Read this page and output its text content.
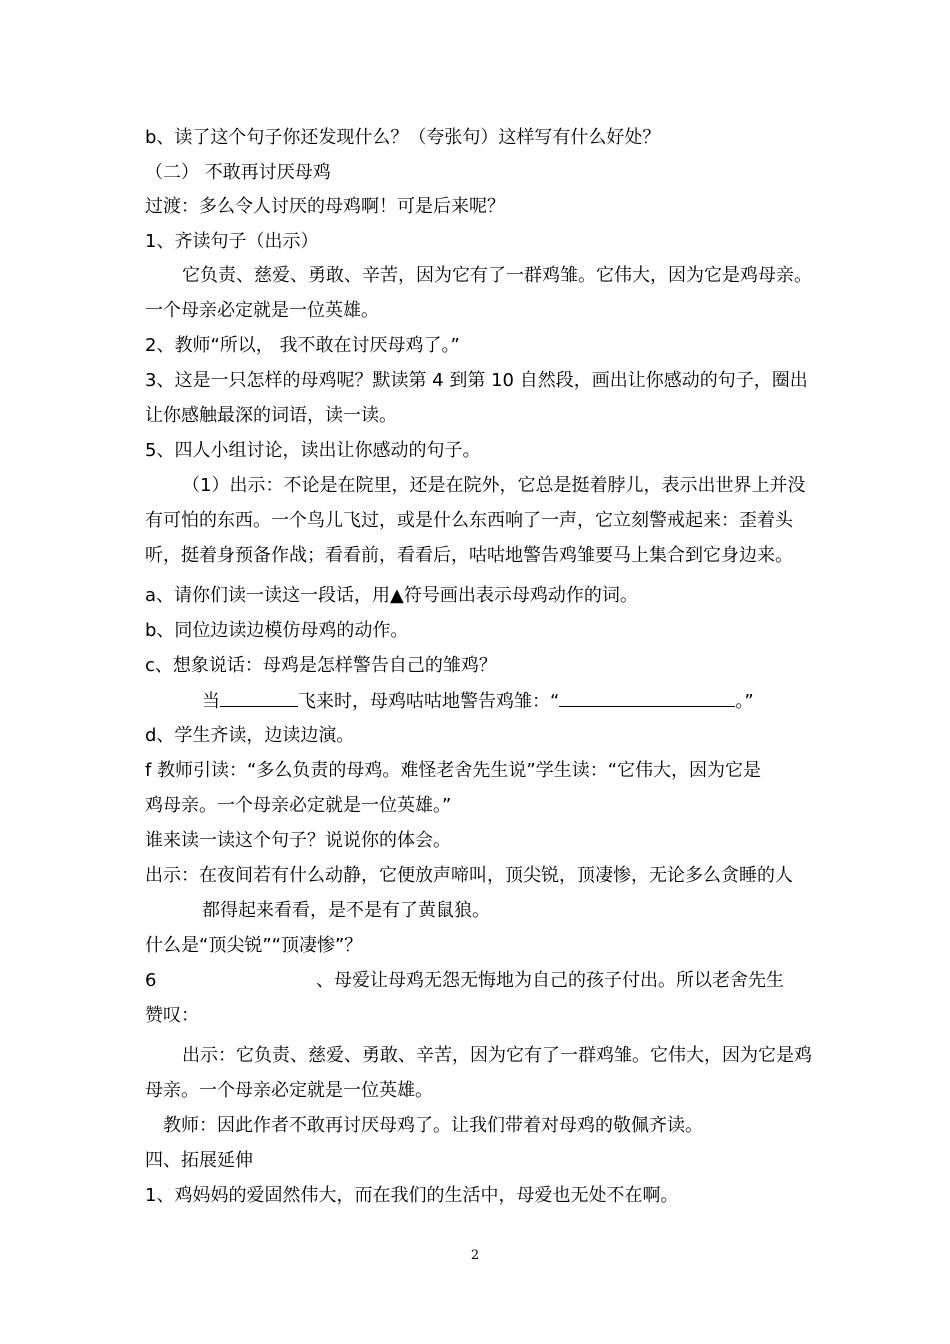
b、读了这个句子你还发现什么？（夸张句）这样写有什么好处？
（二） 不敢再讨厌母鸡
过渡：多么令人讨厌的母鸡啊！可是后来呢？
1、齐读句子（出示）
它负责、慈爱、勇敢、辛苦，因为它有了一群鸡雏。它伟大，因为它是鸡母亲。
一个母亲必定就是一位英雄。
2、教师“所以， 我不敢在讨厌母鸡了。”
3、这是一只怎样的母鸡呢？默读第 4 到第 10 自然段，画出让你感动的句子，圈出
让你感触最深的词语，读一读。
5、四人小组讨论，读出让你感动的句子。
（1）出示：不论是在院里，还是在院外，它总是挺着脖儿，表示出世界上并没
有可怕的东西。一个鸟儿飞过，或是什么东西响了一声，它立刻警戒起来：歪着头
听，挺着身预备作战；看看前，看看后，咕咕地警告鸡雏要马上集合到它身边来。
a、请你们读一读这一段话，用▲符号画出表示母鸡动作的词。
b、同位边读边模仿母鸡的动作。
c、想象说话：母鸡是怎样警告自己的雏鸡？
当	飞来时，母鸡咕咕地警告鸡雏：“	。”
d、学生齐读，边读边演。
f 教师引读：“多么负责的母鸡。难怪老舍先生说”学生读：“它伟大，因为它是
鸡母亲。一个母亲必定就是一位英雄。”
谁来读一读这个句子？说说你的体会。
出示：在夜间若有什么动静，它便放声啼叫，顶尖锐，顶凄惨，无论多么贪睡的人
都得起来看看，是不是有了黄鼠狼。
什么是“顶尖锐”“顶凄惨”？
6	、母爱让母鸡无怨无悔地为自己的孩子付出。所以老舍先生
赞叹：
出示：它负责、慈爱、勇敢、辛苦，因为它有了一群鸡雏。它伟大，因为它是鸡
母亲。一个母亲必定就是一位英雄。
教师：因此作者不敢再讨厌母鸡了。让我们带着对母鸡的敬佩齐读。
四、拓展延伸
1、鸡妈妈的爱固然伟大，而在我们的生活中，母爱也无处不在啊。
2
